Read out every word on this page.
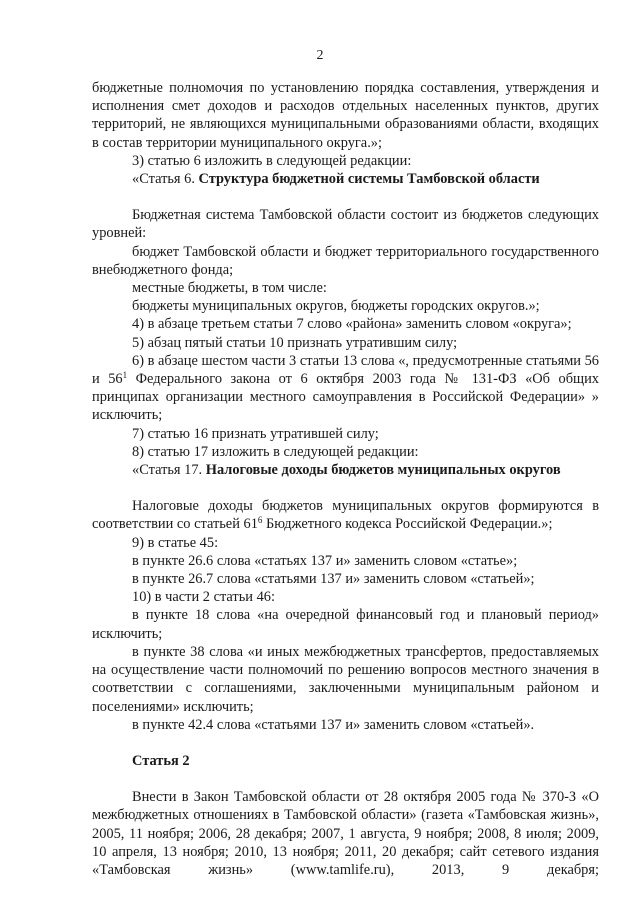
2

бюджетные полномочия по установлению порядка составления, утверждения и исполнения смет доходов и расходов отдельных населенных пунктов, других территорий, не являющихся муниципальными образованиями области, входящих в состав территории муниципального округа.»;

3) статью 6 изложить в следующей редакции:

«Статья 6. Структура бюджетной системы Тамбовской области

Бюджетная система Тамбовской области состоит из бюджетов следующих уровней:

бюджет Тамбовской области и бюджет территориального государственного внебюджетного фонда;

местные бюджеты, в том числе:

бюджеты муниципальных округов, бюджеты городских округов.»;

4) в абзаце третьем статьи 7 слово «района» заменить словом «округа»;

5) абзац пятый статьи 10 признать утратившим силу;

6) в абзаце шестом части 3 статьи 13 слова «, предусмотренные статьями 56 и $56^1$ Федерального закона от 6 октября 2003 года № 131-ФЗ «Об общих принципах организации местного самоуправления в Российской Федерации» » исключить;

7) статью 16 признать утратившей силу;

8) статью 17 изложить в следующей редакции:

«Статья 17. Налоговые доходы бюджетов муниципальных округов

Налоговые доходы бюджетов муниципальных округов формируются в соответствии со статьей $61^6$ Бюджетного кодекса Российской Федерации.»;

9) в статье 45:

в пункте 26.6 слова «статьях 137 и» заменить словом «статье»;

в пункте 26.7 слова «статьями 137 и» заменить словом «статьей»;

10) в части 2 статьи 46:

в пункте 18 слова «на очередной финансовый год и плановый период» исключить;

в пункте 38 слова «и иных межбюджетных трансфертов, предоставляемых на осуществление части полномочий по решению вопросов местного значения в соответствии с соглашениями, заключенными муниципальным районом и поселениями» исключить;

в пункте 42.4 слова «статьями 137 и» заменить словом «статьей».

Статья 2

Внести в Закон Тамбовской области от 28 октября 2005 года № 370-З «О межбюджетных отношениях в Тамбовской области» (газета «Тамбовская жизнь», 2005, 11 ноября; 2006, 28 декабря; 2007, 1 августа, 9 ноября; 2008, 8 июля; 2009, 10 апреля, 13 ноября; 2010, 13 ноября; 2011, 20 декабря; сайт сетевого издания «Тамбовская жизнь» (www.tamlife.ru), 2013, 9 декабря;
